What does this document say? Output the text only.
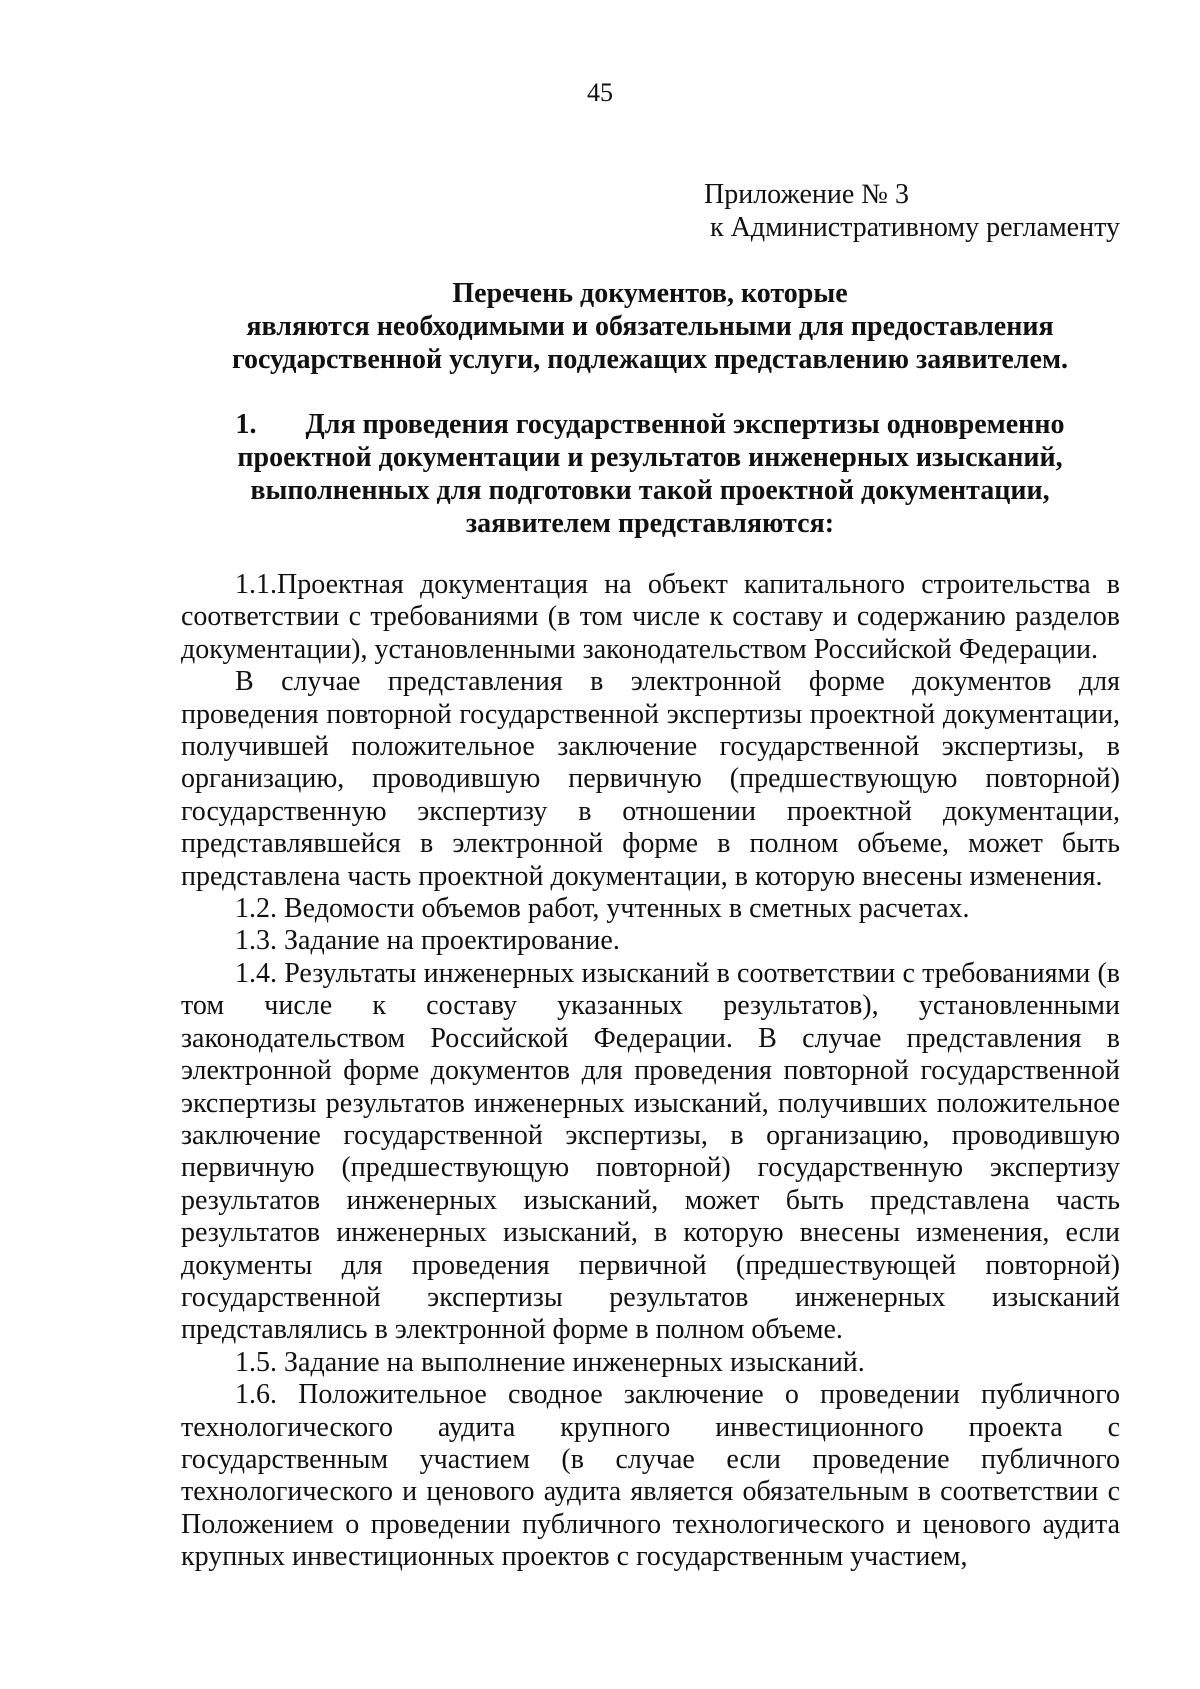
45
Приложение № 3
к Административному регламенту
Перечень документов, которые
являются необходимыми и обязательными для предоставления
государственной услуги, подлежащих представлению заявителем.
1. Для проведения государственной экспертизы одновременно
проектной документации и результатов инженерных изысканий,
выполненных для подготовки такой проектной документации,
заявителем представляются:

1.1.Проектная документация на объект капитального строительства в соответствии с требованиями (в том числе к составу и содержанию разделов документации), установленными законодательством Российской Федерации.

В случае представления в электронной форме документов для проведения повторной государственной экспертизы проектной документации, получившей положительное заключение государственной экспертизы, в организацию, проводившую первичную (предшествующую повторной) государственную экспертизу в отношении проектной документации, представлявшейся в электронной форме в полном объеме, может быть представлена часть проектной документации, в которую внесены изменения.

1.2. Ведомости объемов работ, учтенных в сметных расчетах.

1.3. Задание на проектирование.

1.4. Результаты инженерных изысканий в соответствии с требованиями (в том числе к составу указанных результатов), установленными законодательством Российской Федерации. В случае представления в электронной форме документов для проведения повторной государственной экспертизы результатов инженерных изысканий, получивших положительное заключение государственной экспертизы, в организацию, проводившую первичную (предшествующую повторной) государственную экспертизу результатов инженерных изысканий, может быть представлена часть результатов инженерных изысканий, в которую внесены изменения, если документы для проведения первичной (предшествующей повторной) государственной экспертизы результатов инженерных изысканий представлялись в электронной форме в полном объеме.

1.5. Задание на выполнение инженерных изысканий.

1.6. Положительное сводное заключение о проведении публичного технологического аудита крупного инвестиционного проекта с государственным участием (в случае если проведение публичного технологического и ценового аудита является обязательным в соответствии с Положением о проведении публичного технологического и ценового аудита крупных инвестиционных проектов с государственным участием,
